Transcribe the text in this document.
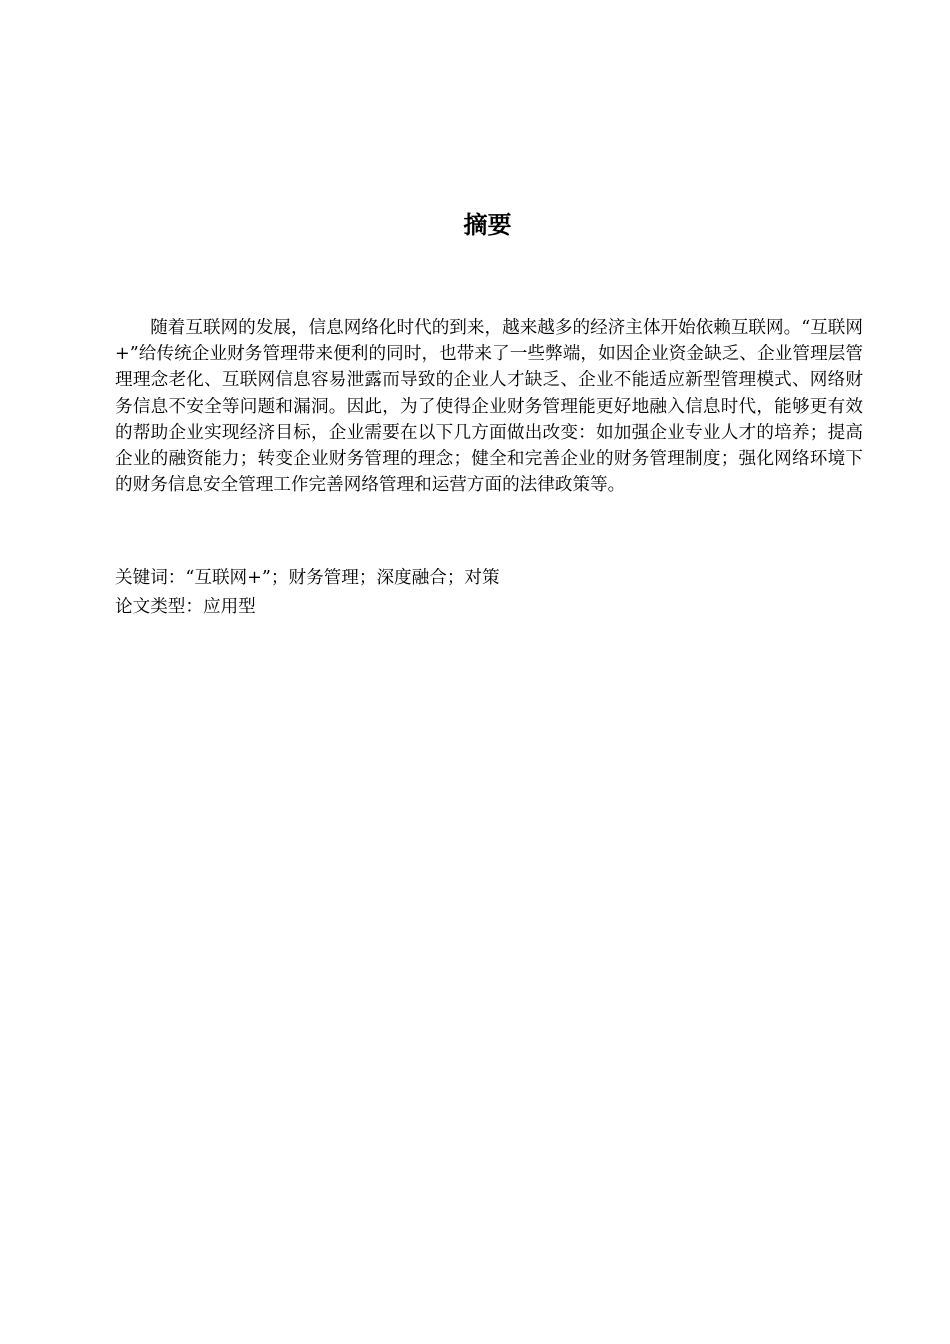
摘要

随着互联网的发展，信息网络化时代的到来，越来越多的经济主体开始依赖互联网。“互联网+”给传统企业财务管理带来便利的同时，也带来了一些弊端，如因企业资金缺乏、企业管理层管理理念老化、互联网信息容易泄露而导致的企业人才缺乏、企业不能适应新型管理模式、网络财务信息不安全等问题和漏洞。因此，为了使得企业财务管理能更好地融入信息时代，能够更有效的帮助企业实现经济目标，企业需要在以下几方面做出改变：如加强企业专业人才的培养；提高企业的融资能力；转变企业财务管理的理念；健全和完善企业的财务管理制度；强化网络环境下的财务信息安全管理工作完善网络管理和运营方面的法律政策等。

关键词：“互联网+”；财务管理；深度融合；对策

论文类型：应用型
